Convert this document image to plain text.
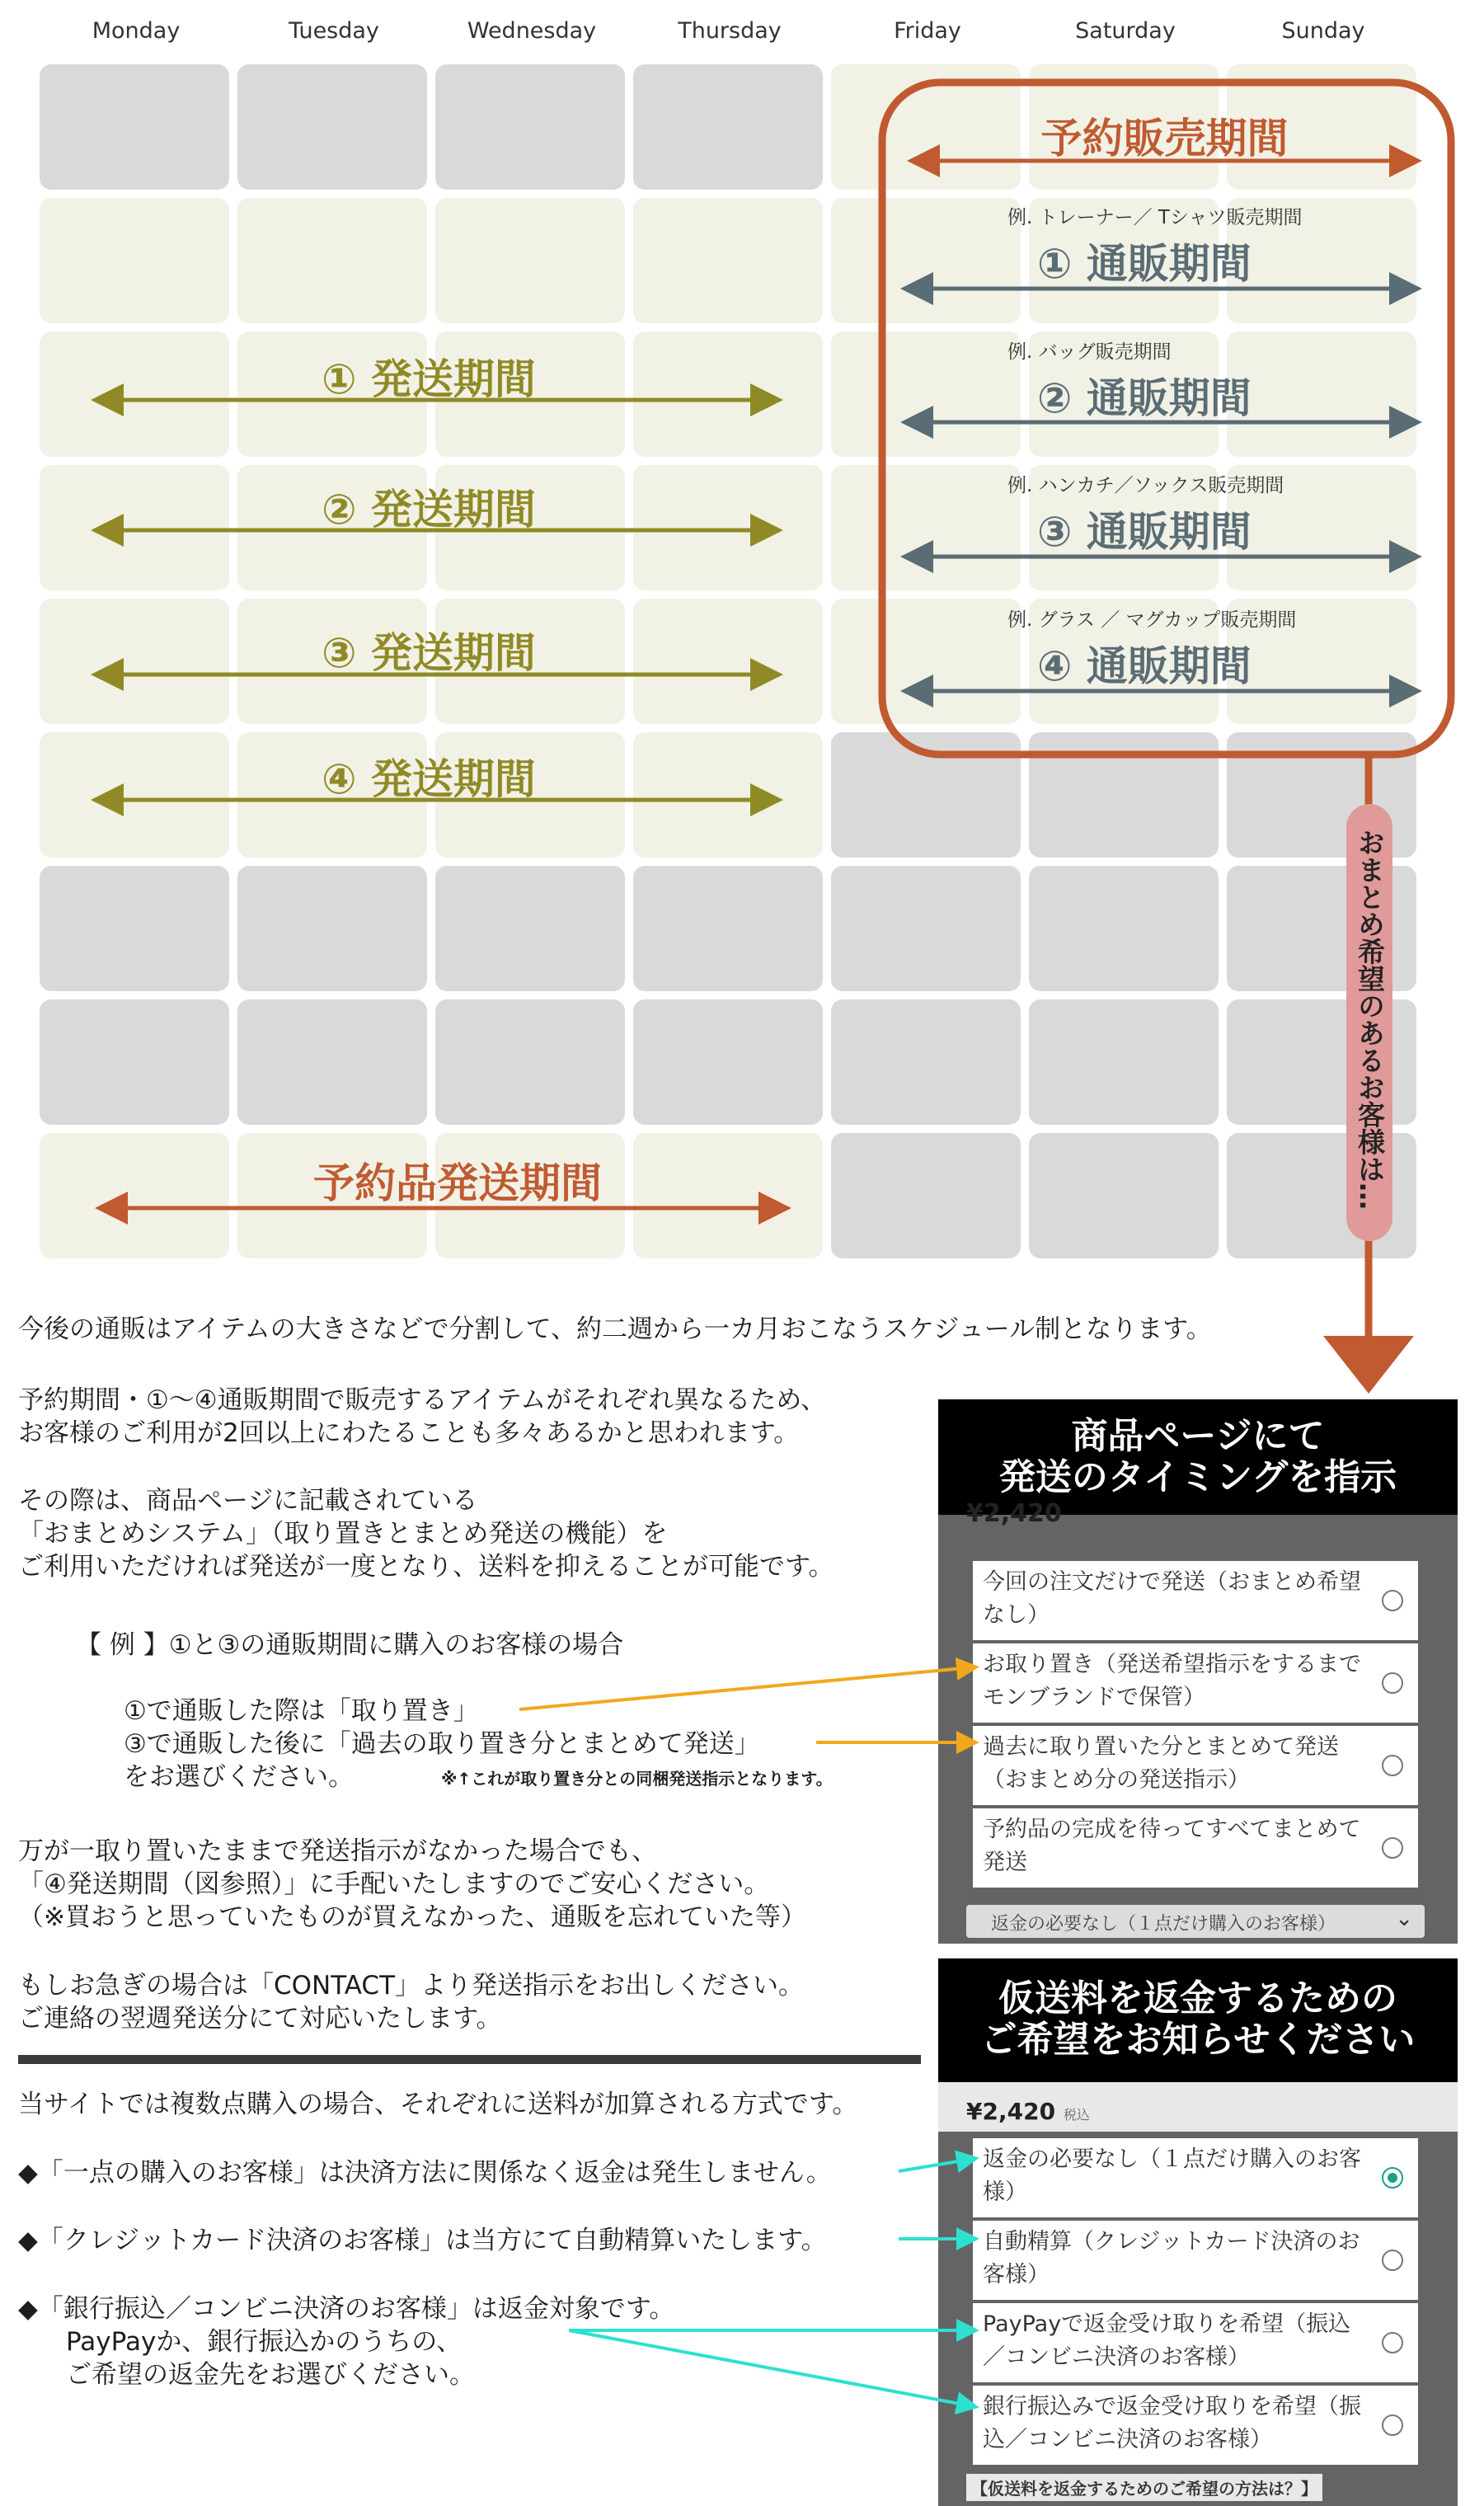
Monday	Tuesday	Wednesday	Thursday	Friday	Saturday	Sunday
おまとめ希望のあるお客様は…
予約販売期間
例. トレーナー／ Tシャツ販売期間
① 通販期間
例. バッグ販売期間
② 通販期間
例. ハンカチ／ソックス販売期間
③ 通販期間
例. グラス ／ マグカップ販売期間
④ 通販期間
① 発送期間
② 発送期間
③ 発送期間
④ 発送期間
予約品発送期間
今後の通販はアイテムの大きさなどで分割して、約二週から一カ月おこなうスケジュール制となります。
予約期間・①～④通販期間で販売するアイテムがそれぞれ異なるため、
お客様のご利用が2回以上にわたることも多々あるかと思われます。
その際は、商品ページに記載されている
「おまとめシステム」（取り置きとまとめ発送の機能）を
ご利用いただければ発送が一度となり、送料を抑えることが可能です。
【 例 】①と③の通販期間に購入のお客様の場合
①で通販した際は「取り置き」
③で通販した後に「過去の取り置き分とまとめて発送」
をお選びください。	※↑これが取り置き分との同梱発送指示となります。
万が一取り置いたままで発送指示がなかった場合でも、
「④発送期間（図参照）」に手配いたしますのでご安心ください。
（※買おうと思っていたものが買えなかった、通販を忘れていた等）
もしお急ぎの場合は「CONTACT」より発送指示をお出しください。
ご連絡の翌週発送分にて対応いたします。
当サイトでは複数点購入の場合、それぞれに送料が加算される方式です。
◆「一点の購入のお客様」は決済方法に関係なく返金は発生しません。
◆「クレジットカード決済のお客様」は当方にて自動精算いたします。
◆「銀行振込／コンビニ決済のお客様」は返金対象です。
PayPayか、銀行振込かのうちの、
ご希望の返金先をお選びください。
商品ページにて
発送のタイミングを指示
¥2,420
今回の注文だけで発送（おまとめ希望なし）
お取り置き（発送希望指示をするまでモンブランドで保管）
過去に取り置いた分とまとめて発送（おまとめ分の発送指示）
予約品の完成を待ってすべてまとめて発送
返金の必要なし（１点だけ購入のお客様）	⌄
仮送料を返金するための
ご希望をお知らせください
¥2,420 税込
返金の必要なし（１点だけ購入のお客様）
自動精算（クレジットカード決済のお客様）
PayPayで返金受け取りを希望（振込／コンビニ決済のお客様）
銀行振込みで返金受け取りを希望（振込／コンビニ決済のお客様）
【仮送料を返金するためのご希望の方法は？】
